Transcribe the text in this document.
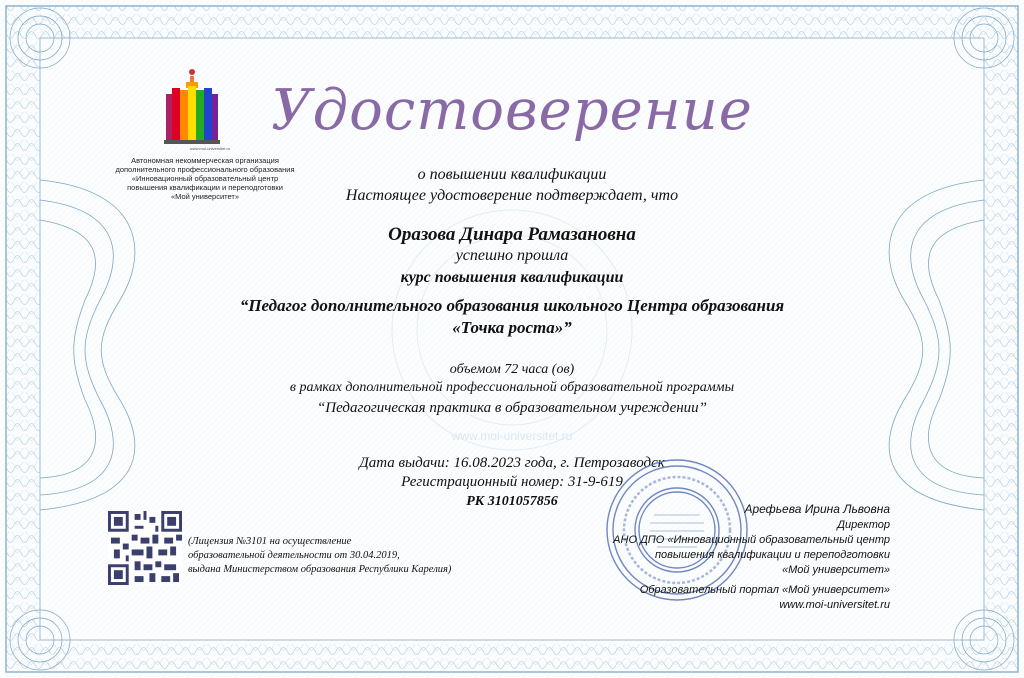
www.moi-universitet.ru
www.moi-universitet.ru
Автономная некоммерческая организация
дополнительного профессионального образования
«Инновационный образовательный центр
повышения квалификации и переподготовки
«Мой университет»
Удостоверение
о повышении квалификации
Настоящее удостоверение подтверждает, что
Оразова Динара Рамазановна
успешно прошла
курс повышения квалификации
“Педагог дополнительного образования школьного Центра образования
«Точка роста»”
объемом 72 часа (ов)
в рамках дополнительной профессиональной образовательной программы
“Педагогическая практика в образовательном учреждении”
Дата выдачи: 16.08.2023 года, г. Петрозаводск
Регистрационный номер: 31-9-619
РК 3101057856
(Лицензия №3101 на осуществление
образовательной деятельности от 30.04.2019,
выдана Министерством образования Республики Карелия)
Арефьева Ирина Львовна
Директор
АНО ДПО «Инновационный образовательный центр
повышения квалификации и переподготовки
«Мой университет»
Образовательный портал «Мой университет»
www.moi-universitet.ru
